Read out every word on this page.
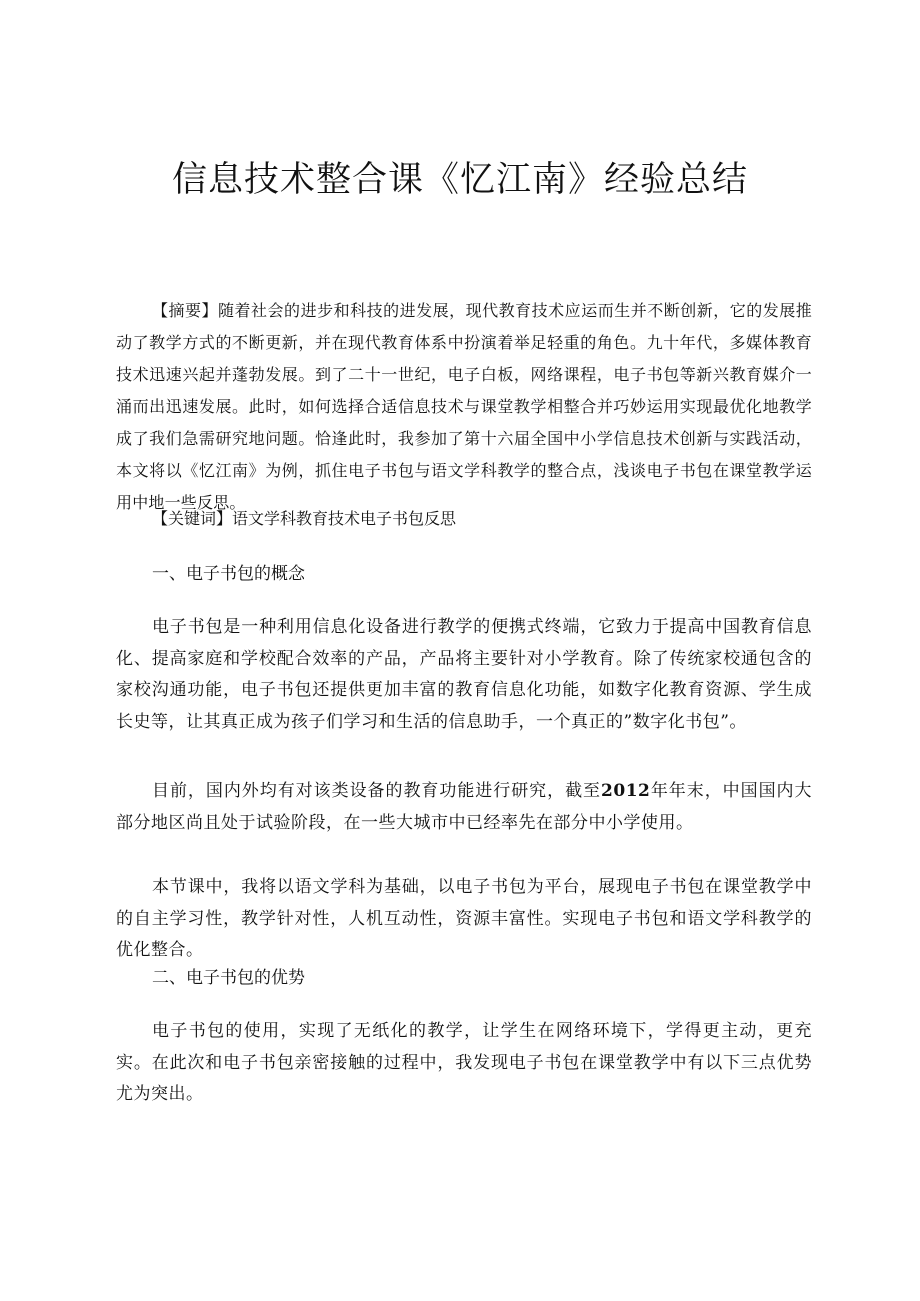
信息技术整合课《忆江南》经验总结

【摘要】随着社会的进步和科技的进发展，现代教育技术应运而生并不断创新，它的发展推动了教学方式的不断更新，并在现代教育体系中扮演着举足轻重的角色。九十年代，多媒体教育技术迅速兴起并蓬勃发展。到了二十一世纪，电子白板，网络课程，电子书包等新兴教育媒介一涌而出迅速发展。此时，如何选择合适信息技术与课堂教学相整合并巧妙运用实现最优化地教学成了我们急需研究地问题。恰逢此时，我参加了第十六届全国中小学信息技术创新与实践活动，本文将以《忆江南》为例，抓住电子书包与语文学科教学的整合点，浅谈电子书包在课堂教学运用中地一些反思。

【关键词】语文学科教育技术电子书包反思

一、电子书包的概念

电子书包是一种利用信息化设备进行教学的便携式终端，它致力于提高中国教育信息化、提高家庭和学校配合效率的产品，产品将主要针对小学教育。除了传统家校通包含的家校沟通功能，电子书包还提供更加丰富的教育信息化功能，如数字化教育资源、学生成长史等，让其真正成为孩子们学习和生活的信息助手，一个真正的”数字化书包”。

目前，国内外均有对该类设备的教育功能进行研究，截至2012年年末，中国国内大部分地区尚且处于试验阶段，在一些大城市中已经率先在部分中小学使用。

本节课中，我将以语文学科为基础，以电子书包为平台，展现电子书包在课堂教学中的自主学习性，教学针对性，人机互动性，资源丰富性。实现电子书包和语文学科教学的优化整合。

二、电子书包的优势

电子书包的使用，实现了无纸化的教学，让学生在网络环境下，学得更主动，更充实。在此次和电子书包亲密接触的过程中，我发现电子书包在课堂教学中有以下三点优势尤为突出。
